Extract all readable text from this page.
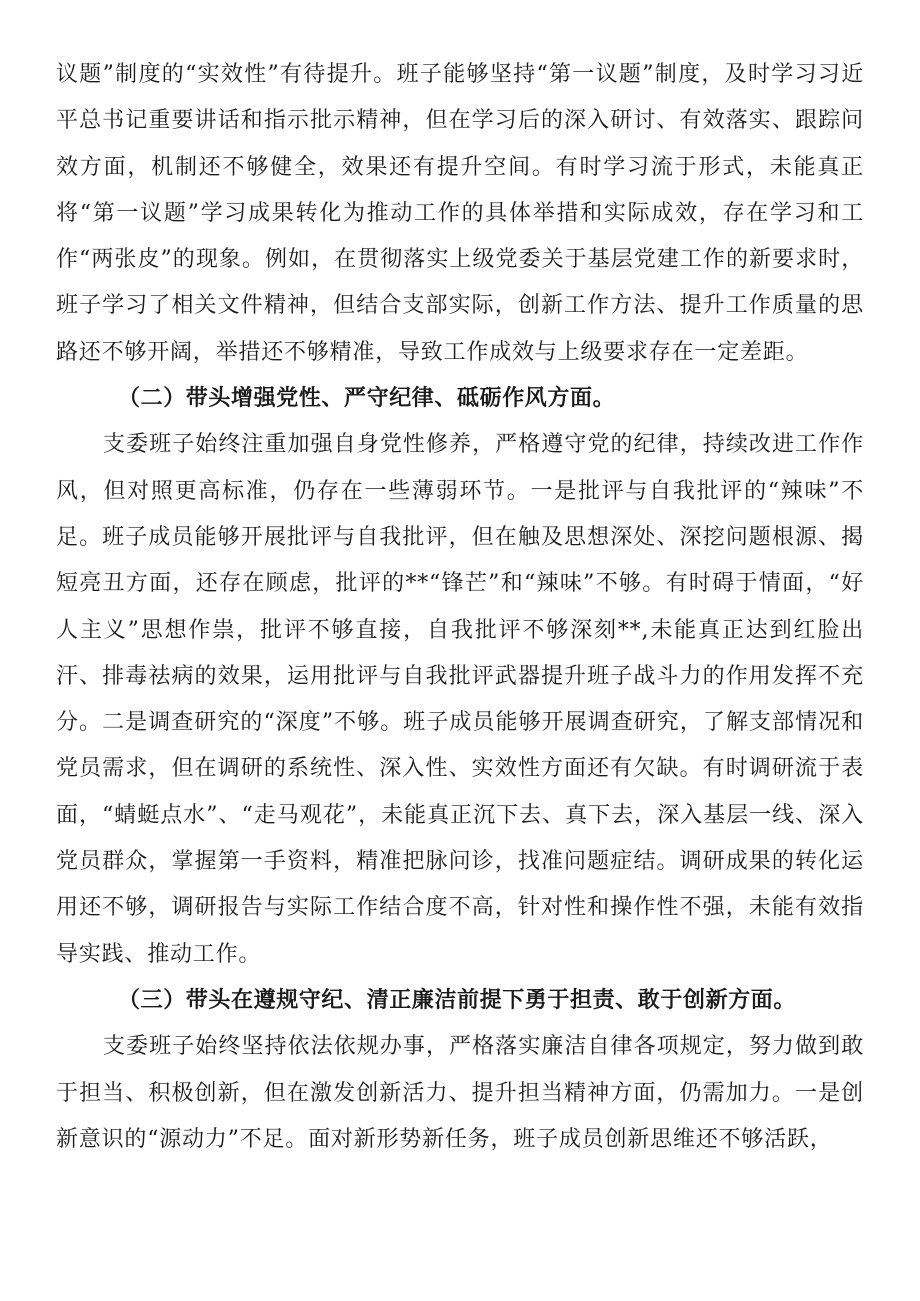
议题”制度的“实效性”有待提升。班子能够坚持“第一议题”制度，及时学习习近平总书记重要讲话和指示批示精神，但在学习后的深入研讨、有效落实、跟踪问效方面，机制还不够健全，效果还有提升空间。有时学习流于形式，未能真正将“第一议题”学习成果转化为推动工作的具体举措和实际成效，存在学习和工作“两张皮”的现象。例如，在贯彻落实上级党委关于基层党建工作的新要求时，班子学习了相关文件精神，但结合支部实际，创新工作方法、提升工作质量的思路还不够开阔，举措还不够精准，导致工作成效与上级要求存在一定差距。

（二）带头增强党性、严守纪律、砥砺作风方面。

支委班子始终注重加强自身党性修养，严格遵守党的纪律，持续改进工作作风，但对照更高标准，仍存在一些薄弱环节。一是批评与自我批评的“辣味”不足。班子成员能够开展批评与自我批评，但在触及思想深处、深挖问题根源、揭短亮丑方面，还存在顾虑，批评的**“锋芒”和“辣味”不够。有时碍于情面，“好人主义”思想作祟，批评不够直接，自我批评不够深刻**,未能真正达到红脸出汗、排毒祛病的效果，运用批评与自我批评武器提升班子战斗力的作用发挥不充分。二是调查研究的“深度”不够。班子成员能够开展调查研究，了解支部情况和党员需求，但在调研的系统性、深入性、实效性方面还有欠缺。有时调研流于表面，“蜻蜓点水”、“走马观花”，未能真正沉下去、真下去，深入基层一线、深入党员群众，掌握第一手资料，精准把脉问诊，找准问题症结。调研成果的转化运用还不够，调研报告与实际工作结合度不高，针对性和操作性不强，未能有效指导实践、推动工作。

（三）带头在遵规守纪、清正廉洁前提下勇于担责、敢于创新方面。

支委班子始终坚持依法依规办事，严格落实廉洁自律各项规定，努力做到敢于担当、积极创新，但在激发创新活力、提升担当精神方面，仍需加力。一是创新意识的“源动力”不足。面对新形势新任务，班子成员创新思维还不够活跃，
